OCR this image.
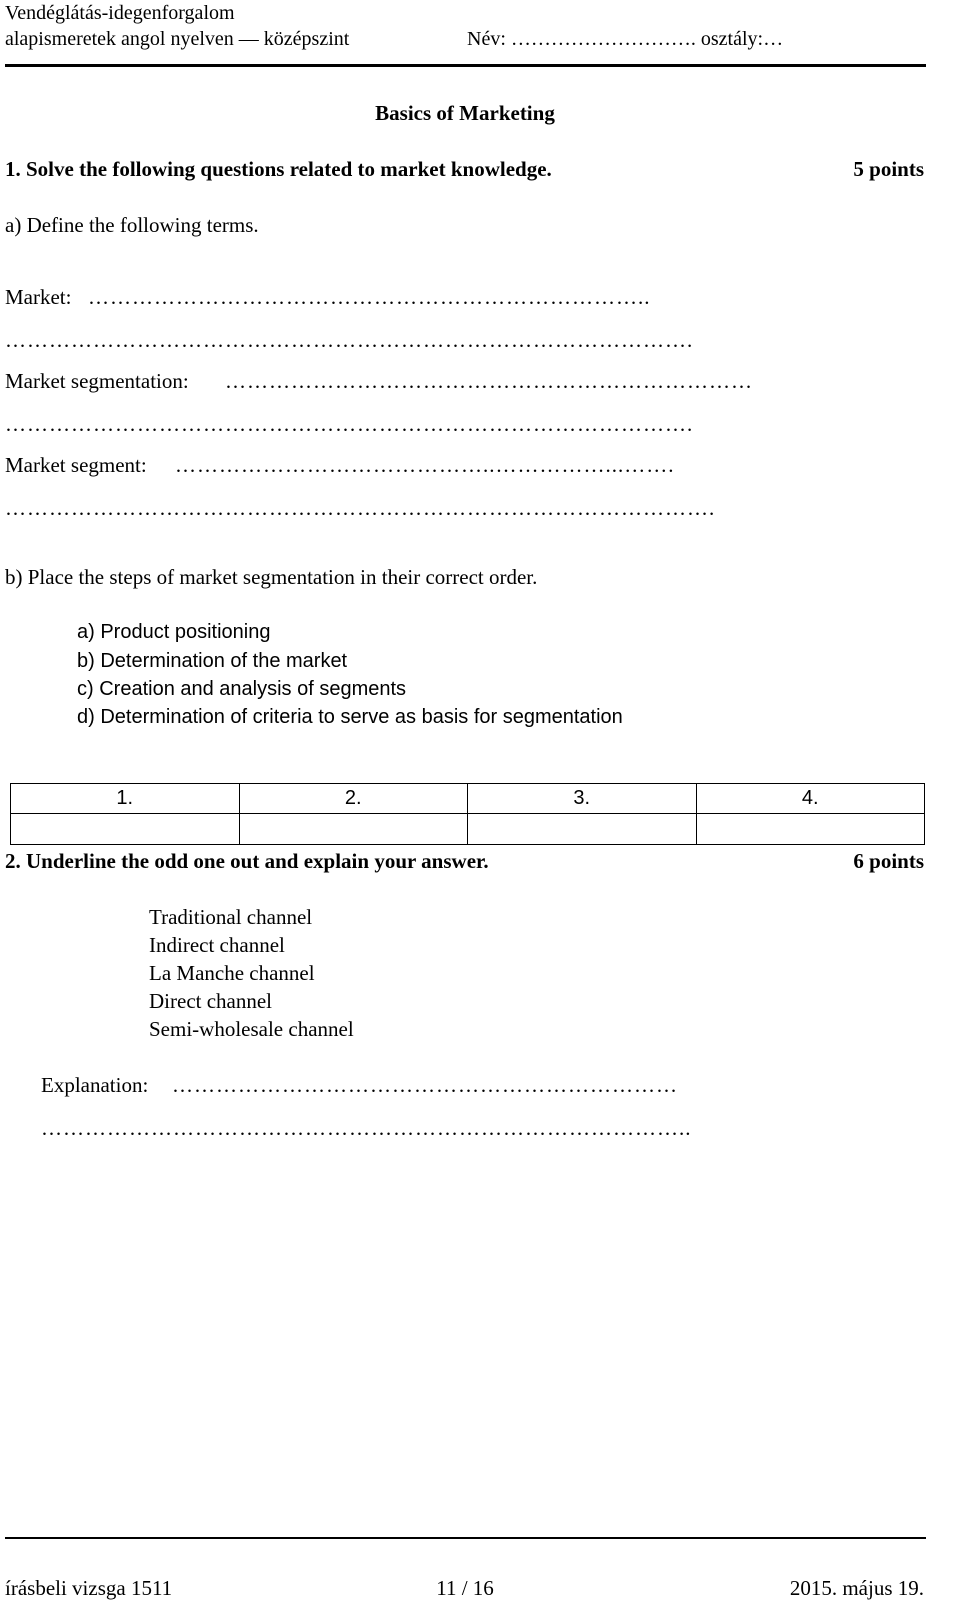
Vendéglátás-idegenforgalom
alapismeretek angol nyelven — középszint	Név: ………………………. osztály:…
Basics of Marketing
1. Solve the following questions related to market knowledge.	5 points
a) Define the following terms.
Market: …………………………………………………………………..
………………………………………………………………………………….
Market segmentation: ………………………………………………………………
………………………………………………………………………………….
Market segment: ……………………………………..……………...…….
…………………………………………………………………………………….
b) Place the steps of market segmentation in their correct order.
a) Product positioning
b) Determination of the market
c) Creation and analysis of segments
d) Determination of criteria to serve as basis for segmentation
1.	2.	3.	4.

2. Underline the odd one out and explain your answer.	6 points
Traditional channel
Indirect channel
La Manche channel
Direct channel
Semi-wholesale channel
Explanation: ……………………………………………………………
……………………………………………………………………………..
írásbeli vizsga 1511	11 / 16	2015. május 19.
